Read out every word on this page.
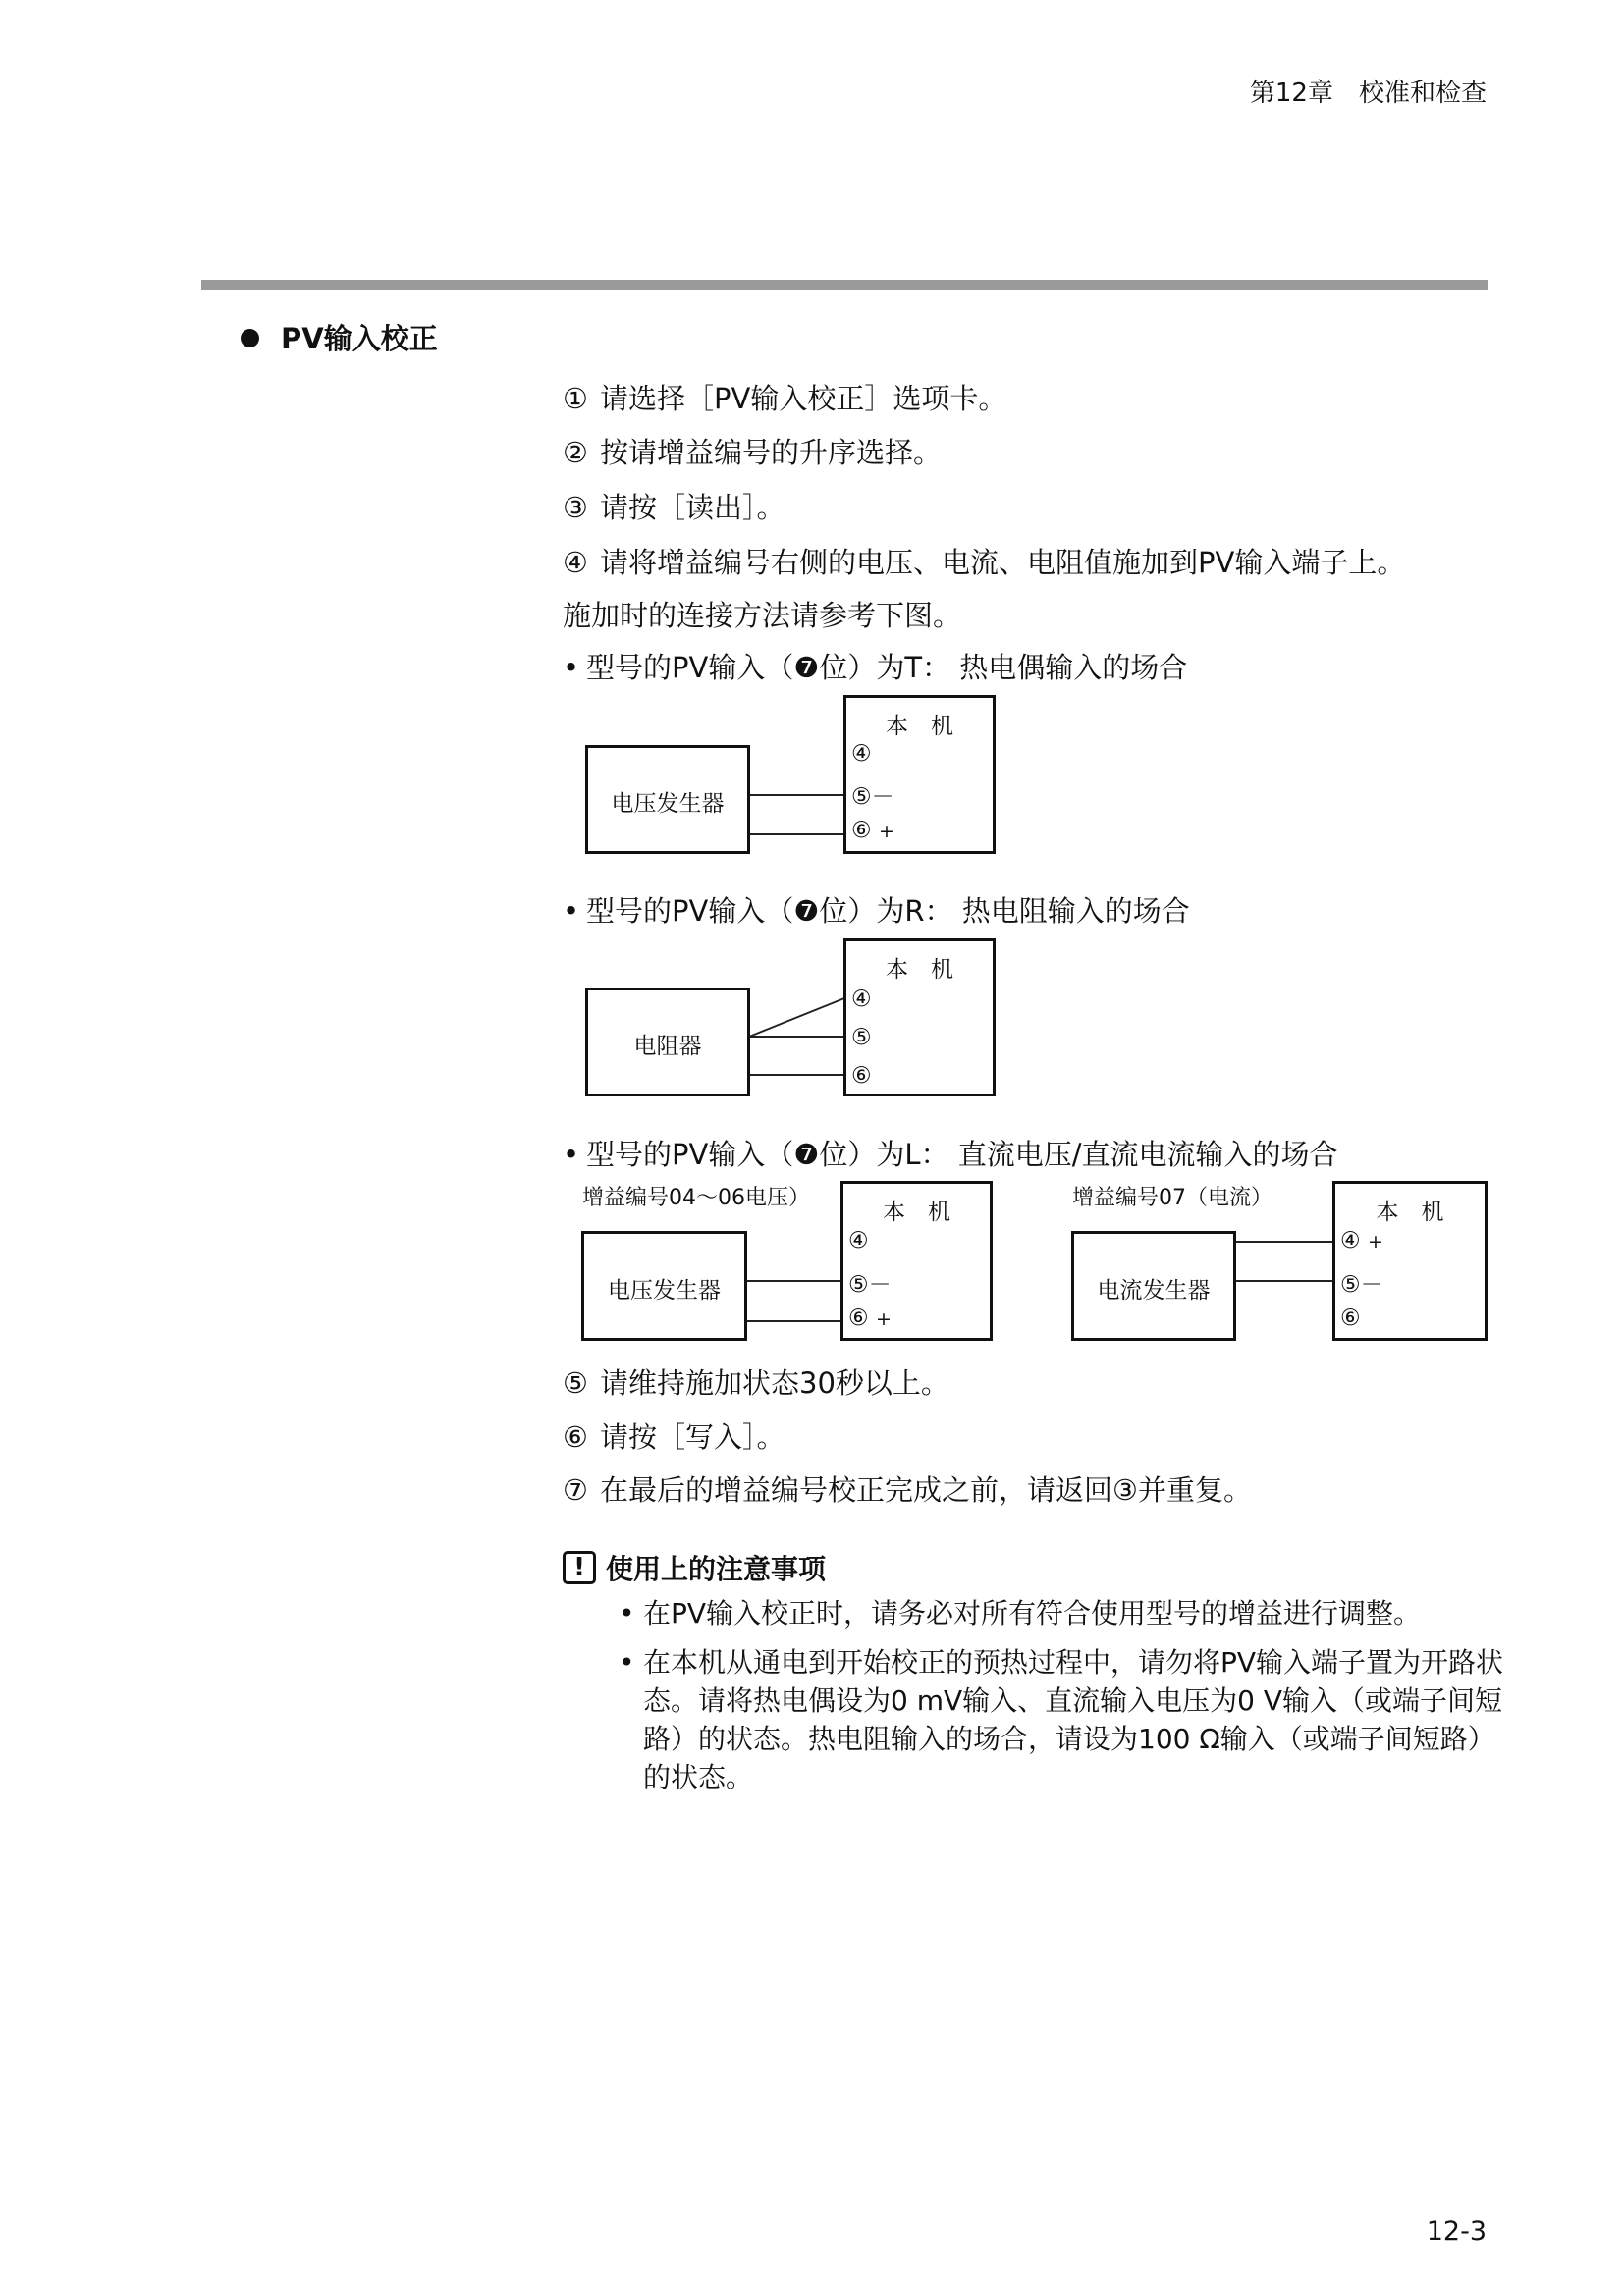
第12章 校准和检查
PV输入校正
① 请选择［PV输入校正］选项卡。
② 按请增益编号的升序选择。
③ 请按［读出］。
④ 请将增益编号右侧的电压、电流、电阻值施加到PV输入端子上。
施加时的连接方法请参考下图。
• 型号的PV输入（❼位）为T： 热电偶输入的场合
电压发生器
本　机
④
⑤－
⑥ +
• 型号的PV输入（❼位）为R： 热电阻输入的场合
电阻器
本　机
④
⑤
⑥
• 型号的PV输入（❼位）为L： 直流电压/直流电流输入的场合
增益编号04～06电压）	增益编号07（电流）
电压发生器
本　机
④
⑤－
⑥ +
电流发生器
本　机
④ +
⑤－
⑥
⑤ 请维持施加状态30秒以上。
⑥ 请按［写入］。
⑦ 在最后的增益编号校正完成之前，请返回③并重复。
! 使用上的注意事项
• 在PV输入校正时，请务必对所有符合使用型号的增益进行调整。
• 在本机从通电到开始校正的预热过程中，请勿将PV输入端子置为开路状态。请将热电偶设为0 mV输入、直流输入电压为0 V输入（或端子间短路）的状态。热电阻输入的场合，请设为100 Ω输入（或端子间短路）的状态。
12-3
